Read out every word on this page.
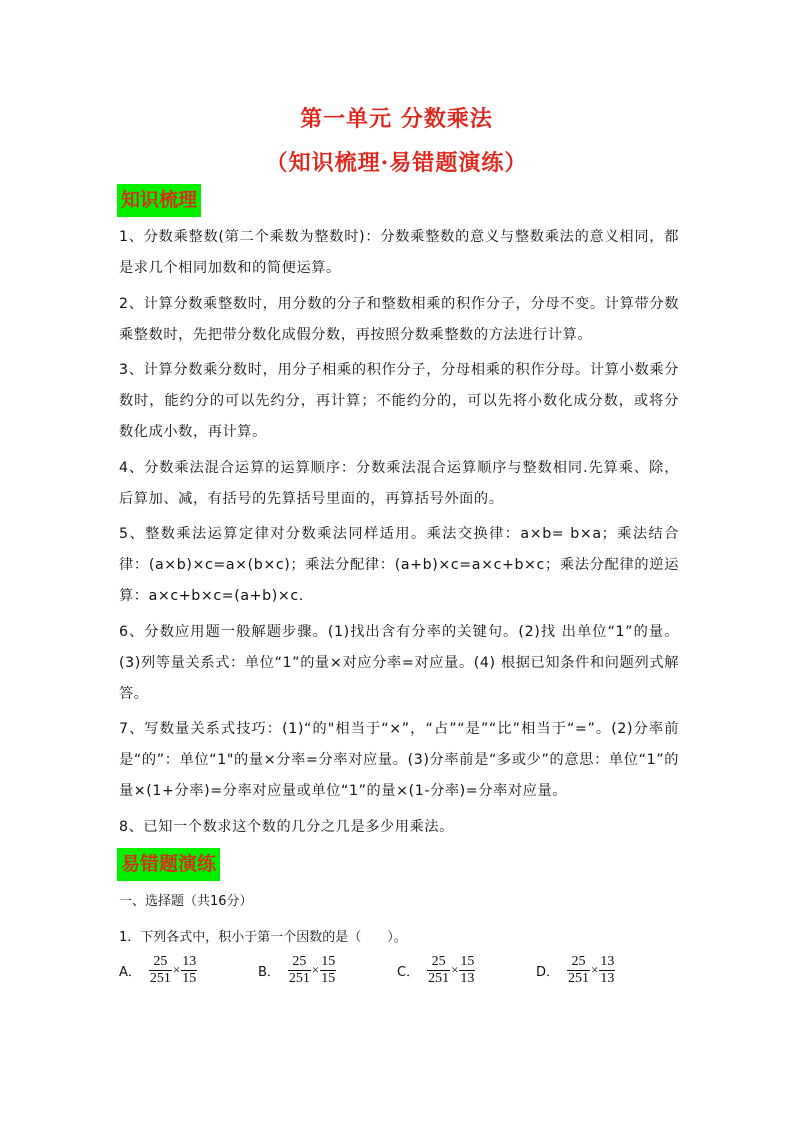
第一单元 分数乘法
（知识梳理·易错题演练）
知识梳理

1、分数乘整数(第二个乘数为整数时)：分数乘整数的意义与整数乘法的意义相同，都是求几个相同加数和的简便运算。

2、计算分数乘整数时，用分数的分子和整数相乘的积作分子，分母不变。计算带分数乘整数时，先把带分数化成假分数，再按照分数乘整数的方法进行计算。

3、计算分数乘分数时，用分子相乘的积作分子，分母相乘的积作分母。计算小数乘分数时，能约分的可以先约分，再计算；不能约分的，可以先将小数化成分数，或将分数化成小数，再计算。

4、分数乘法混合运算的运算顺序：分数乘法混合运算顺序与整数相同.先算乘、除，后算加、减，有括号的先算括号里面的，再算括号外面的。

5、整数乘法运算定律对分数乘法同样适用。乘法交换律：a×b= b×a；乘法结合律：(a×b)×c=a×(b×c)；乘法分配律：(a+b)×c=a×c+b×c；乘法分配律的逆运算：a×c+b×c=(a+b)×c.

6、分数应用题一般解题步骤。(1)找出含有分率的关键句。(2)找 出单位“1”的量。(3)列等量关系式：单位“1”的量×对应分率=对应量。(4) 根据已知条件和问题列式解答。

7、写数量关系式技巧：(1)“的"相当于“×”，“占”“是”“比”相当于“=”。(2)分率前是“的”：单位“1"的量×分率=分率对应量。(3)分率前是“多或少”的意思：单位“1”的量×(1+分率)=分率对应量或单位“1”的量×(1-分率)=分率对应量。

8、已知一个数求这个数的几分之几是多少用乘法。

易错题演练
一、选择题（共16分）
1．下列各式中，积小于第一个因数的是（　　）。
A． $\frac{25}{251} \times \frac{13}{15}$	B． $\frac{25}{251} \times \frac{15}{15}$	C． $\frac{25}{251} \times \frac{15}{13}$	D． $\frac{25}{251} \times \frac{13}{13}$
